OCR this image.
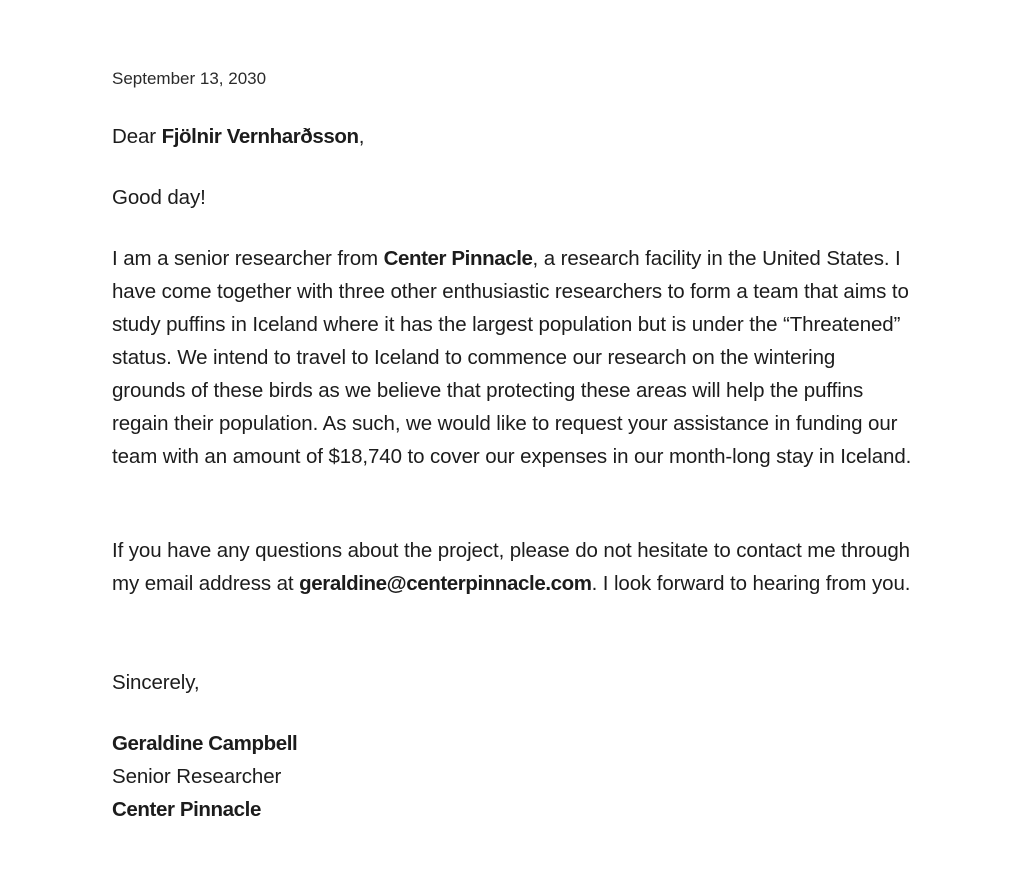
September 13, 2030
Dear Fjölnir Vernharðsson,
Good day!
I am a senior researcher from Center Pinnacle, a research facility in the United States. I have come together with three other enthusiastic researchers to form a team that aims to study puffins in Iceland where it has the largest population but is under the “Threatened” status. We intend to travel to Iceland to commence our research on the wintering grounds of these birds as we believe that protecting these areas will help the puffins regain their population. As such, we would like to request your assistance in funding our team with an amount of $18,740 to cover our expenses in our month-long stay in Iceland.
If you have any questions about the project, please do not hesitate to contact me through my email address at geraldine@centerpinnacle.com. I look forward to hearing from you.
Sincerely,
Geraldine Campbell
Senior Researcher
Center Pinnacle
